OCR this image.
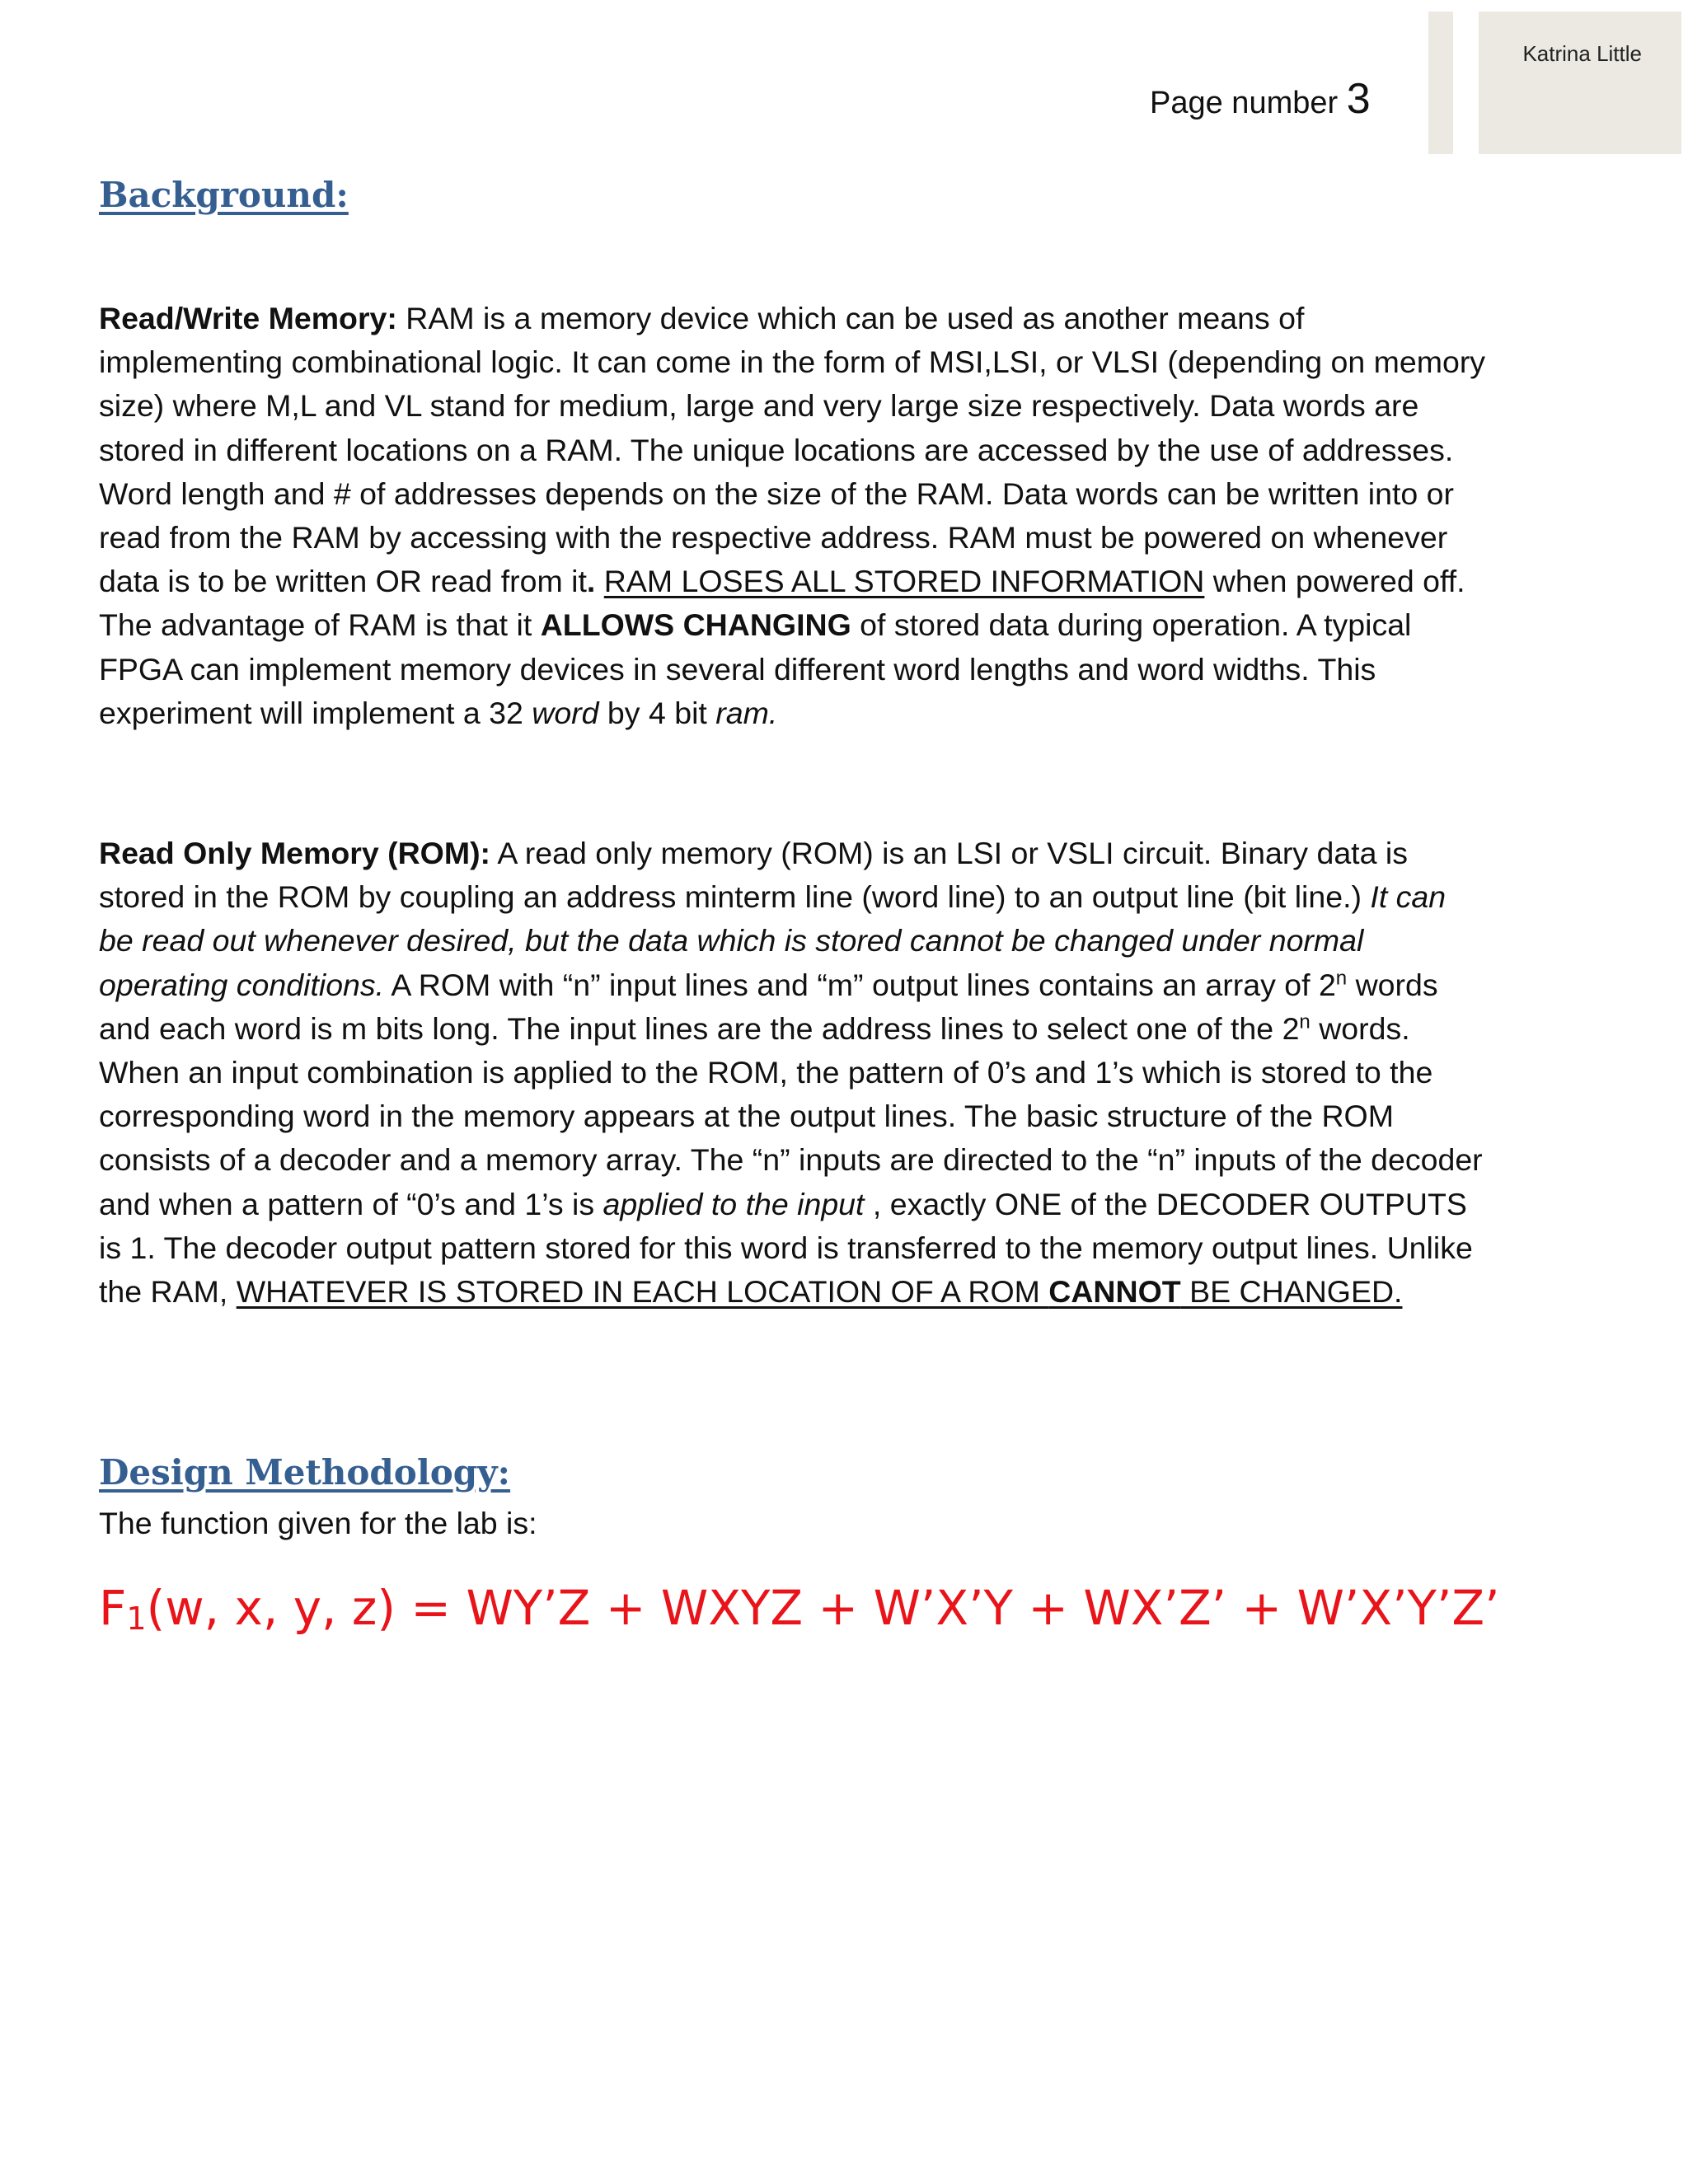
Katrina Little
Page number 3
Background:
Read/Write Memory: RAM is a memory device which can be used as another means of
implementing combinational logic. It can come in the form of MSI,LSI, or VLSI (depending on memory
size) where M,L and VL stand for medium, large and very large size respectively. Data words are
stored in different locations on a RAM. The unique locations are accessed by the use of addresses.
Word length and # of addresses depends on the size of the RAM. Data words can be written into or
read from the RAM by accessing with the respective address. RAM must be powered on whenever
data is to be written OR read from it. RAM LOSES ALL STORED INFORMATION when powered off.
The advantage of RAM is that it ALLOWS CHANGING of stored data during operation. A typical
FPGA can implement memory devices in several different word lengths and word widths. This
experiment will implement a 32 word by 4 bit ram.
Read Only Memory (ROM): A read only memory (ROM) is an LSI or VSLI circuit. Binary data is
stored in the ROM by coupling an address minterm line (word line) to an output line (bit line.) It can
be read out whenever desired, but the data which is stored cannot be changed under normal
operating conditions. A ROM with “n” input lines and “m” output lines contains an array of 2$^n$ words
and each word is m bits long. The input lines are the address lines to select one of the 2$^n$ words.
When an input combination is applied to the ROM, the pattern of 0’s and 1’s which is stored to the
corresponding word in the memory appears at the output lines. The basic structure of the ROM
consists of a decoder and a memory array. The “n” inputs are directed to the “n” inputs of the decoder
and when a pattern of “0’s and 1’s is applied to the input , exactly ONE of the DECODER OUTPUTS
is 1. The decoder output pattern stored for this word is transferred to the memory output lines. Unlike
the RAM, WHATEVER IS STORED IN EACH LOCATION OF A ROM CANNOT BE CHANGED.
Design Methodology:
The function given for the lab is:
F1(w, x, y, z) = WY’Z + WXYZ + W’X’Y + WX’Z’ + W’X’Y’Z’
